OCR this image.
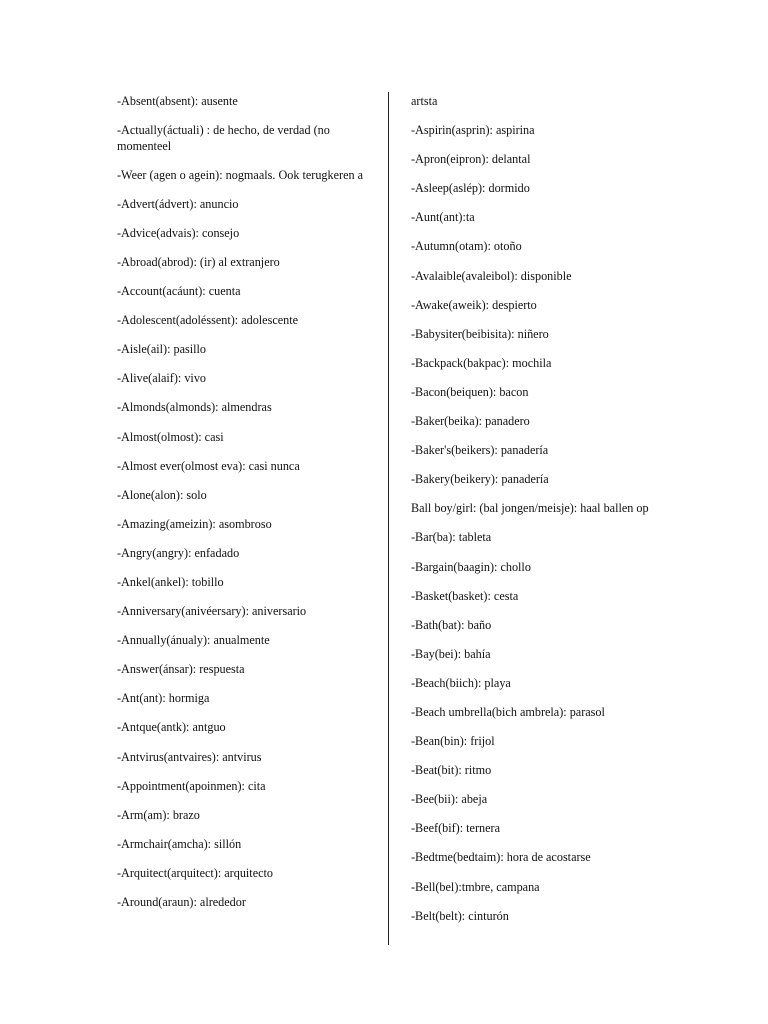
-Absent(absent): ausente
-Actually(áctuali) : de hecho, de verdad (no momenteel
-Weer (agen o agein): nogmaals. Ook terugkeren a
-Advert(ádvert): anuncio
-Advice(advais): consejo
-Abroad(abrod): (ir) al extranjero
-Account(acáunt): cuenta
-Adolescent(adoléssent): adolescente
-Aisle(ail): pasillo
-Alive(alaif): vivo
-Almonds(almonds): almendras
-Almost(olmost): casi
-Almost ever(olmost eva): casi nunca
-Alone(alon): solo
-Amazing(ameizin): asombroso
-Angry(angry): enfadado
-Ankel(ankel): tobillo
-Anniversary(anivéersary): aniversario
-Annually(ánualy): anualmente
-Answer(ánsar): respuesta
-Ant(ant): hormiga
-Antque(antk): antguo
-Antvirus(antvaires): antvirus
-Appointment(apoinmen): cita
-Arm(am): brazo
-Armchair(amcha): sillón
-Arquitect(arquitect): arquitecto
-Around(araun): alrededor
artsta
-Aspirin(asprin): aspirina
-Apron(eipron): delantal
-Asleep(aslép): dormido
-Aunt(ant):ta
-Autumn(otam): otoño
-Avalaible(avaleibol): disponible
-Awake(aweik): despierto
-Babysiter(beibisita): niñero
-Backpack(bakpac): mochila
-Bacon(beiquen): bacon
-Baker(beika): panadero
-Baker's(beikers): panadería
-Bakery(beikery): panadería
Ball boy/girl: (bal jongen/meisje): haal ballen op
-Bar(ba): tableta
-Bargain(baagin): chollo
-Basket(basket): cesta
-Bath(bat): baño
-Bay(bei): bahía
-Beach(biich): playa
-Beach umbrella(bich ambrela): parasol
-Bean(bin): frijol
-Beat(bit): ritmo
-Bee(bii): abeja
-Beef(bif): ternera
-Bedtme(bedtaim): hora de acostarse
-Bell(bel):tmbre, campana
-Belt(belt): cinturón
